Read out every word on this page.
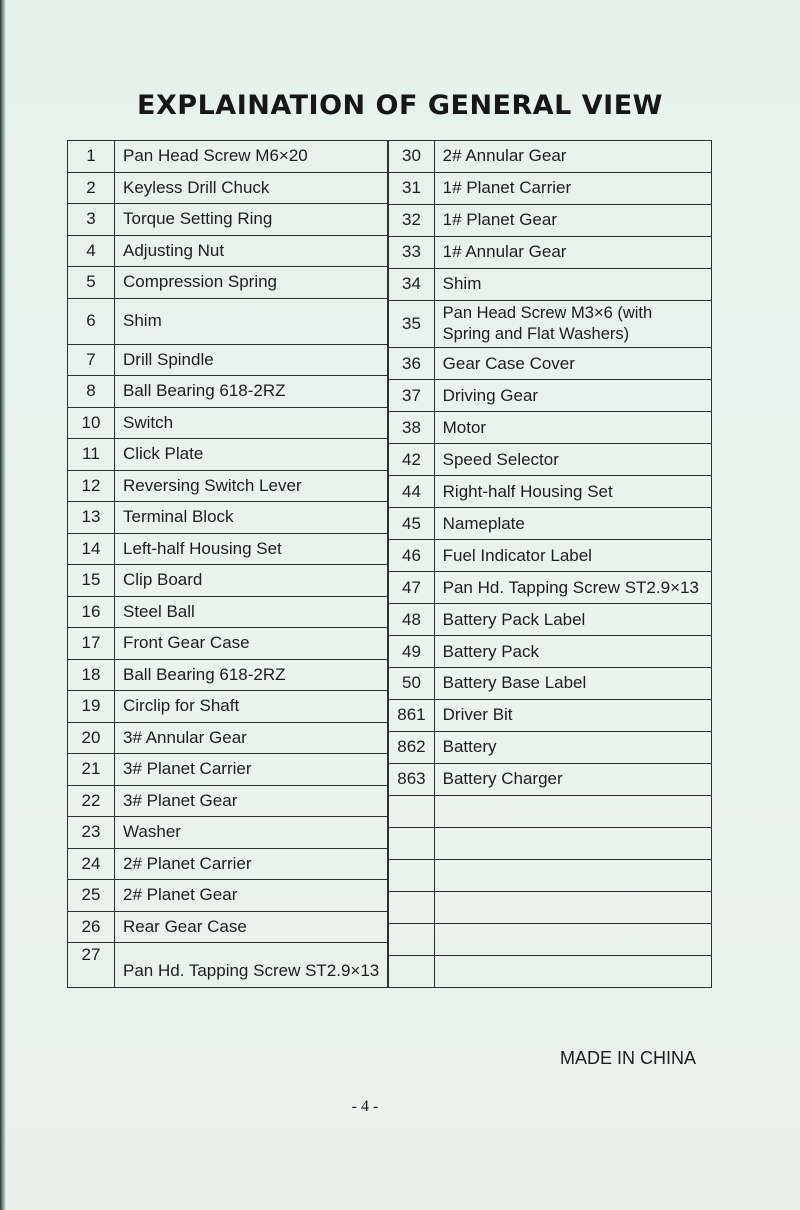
EXPLAINATION OF GENERAL VIEW
1	Pan Head Screw M6×20
2	Keyless Drill Chuck
3	Torque Setting Ring
4	Adjusting Nut
5	Compression Spring
6	Shim
7	Drill Spindle
8	Ball Bearing 618-2RZ
10	Switch
11	Click Plate
12	Reversing Switch Lever
13	Terminal Block
14	Left-half Housing Set
15	Clip Board
16	Steel Ball
17	Front Gear Case
18	Ball Bearing 618-2RZ
19	Circlip for Shaft
20	3# Annular Gear
21	3# Planet Carrier
22	3# Planet Gear
23	Washer
24	2# Planet Carrier
25	2# Planet Gear
26	Rear Gear Case
27	Pan Hd. Tapping Screw ST2.9×13
30	2# Annular Gear
31	1# Planet Carrier
32	1# Planet Gear
33	1# Annular Gear
34	Shim
35	Pan Head Screw M3×6 (with Spring and Flat Washers)
36	Gear Case Cover
37	Driving Gear
38	Motor
42	Speed Selector
44	Right-half Housing Set
45	Nameplate
46	Fuel Indicator Label
47	Pan Hd. Tapping Screw ST2.9×13
48	Battery Pack Label
49	Battery Pack
50	Battery Base Label
861	Driver Bit
862	Battery
863	Battery Charger

MADE IN CHINA
- 4 -
